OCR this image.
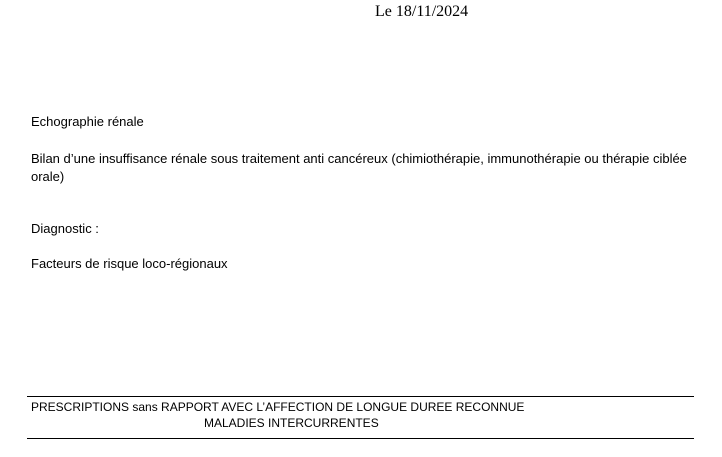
Le 18/11/2024
Echographie rénale
Bilan d’une insuffisance rénale sous traitement anti cancéreux (chimiothérapie, immunothérapie ou thérapie ciblée orale)
Diagnostic :
Facteurs de risque loco-régionaux
PRESCRIPTIONS sans RAPPORT AVEC L’AFFECTION DE LONGUE DUREE RECONNUE
MALADIES INTERCURRENTES
